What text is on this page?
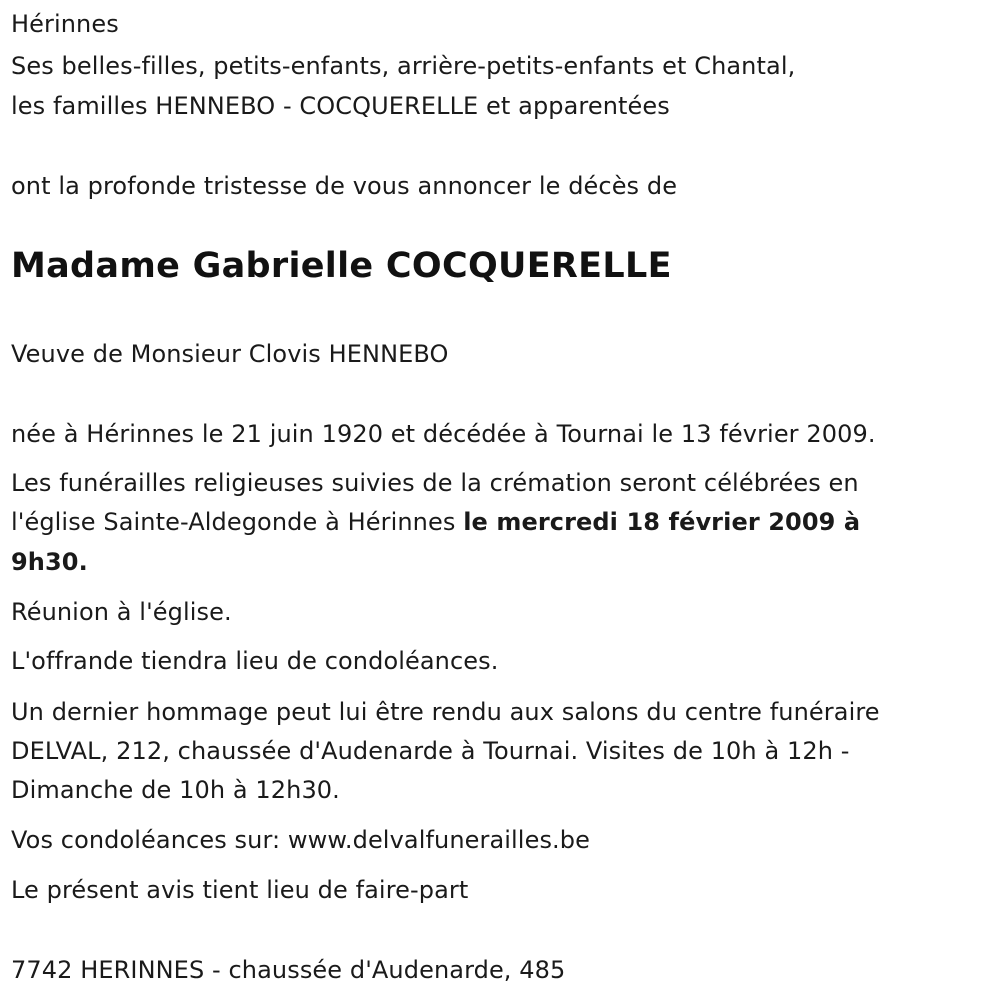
Hérinnes
Ses belles-filles, petits-enfants, arrière-petits-enfants et Chantal,
les familles HENNEBO - COCQUERELLE et apparentées
ont la profonde tristesse de vous annoncer le décès de
Madame Gabrielle COCQUERELLE
Veuve de Monsieur Clovis HENNEBO
née à Hérinnes le 21 juin 1920 et décédée à Tournai le 13 février 2009.
Les funérailles religieuses suivies de la crémation seront célébrées en
l'église Sainte-Aldegonde à Hérinnes le mercredi 18 février 2009 à
9h30.
Réunion à l'église.
L'offrande tiendra lieu de condoléances.
Un dernier hommage peut lui être rendu aux salons du centre funéraire
DELVAL, 212, chaussée d'Audenarde à Tournai. Visites de 10h à 12h -
Dimanche de 10h à 12h30.
Vos condoléances sur: www.delvalfunerailles.be
Le présent avis tient lieu de faire-part
7742 HERINNES - chaussée d'Audenarde, 485
